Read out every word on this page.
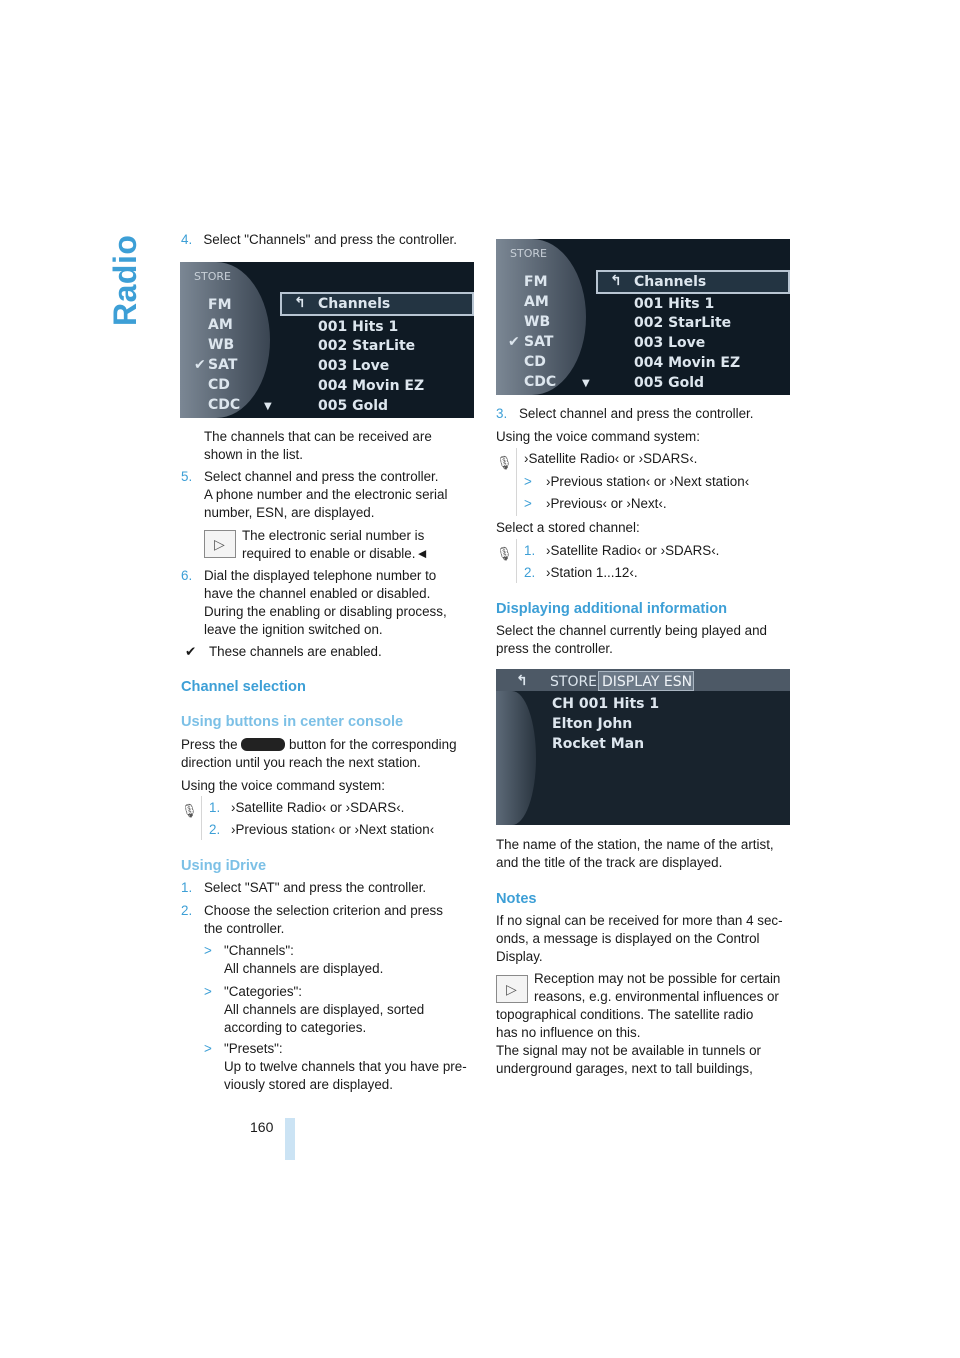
Radio	4. Select "Channels" and press the controller.

STORE
FM
AM
WB
✔ SAT
CD
CDC ▼
↰ Channels
001 Hits 1
002 StarLite
003 Love
004 Movin EZ
005 Gold

The channels that can be received are

shown in the list.

5. Select channel and press the controller.

A phone number and the electronic serial

number, ESN, are displayed.

▷

The electronic serial number is

required to enable or disable.◄

6. Dial the displayed telephone number to

have the channel enabled or disabled.

During the enabling or disabling process,

leave the ignition switched on.

✔ These channels are enabled.

Channel selection
Using buttons in center console

Press the	button for the corresponding

direction until you reach the next station.

Using the voice command system:

🎙 1. ›Satellite Radio‹ or ›SDARS‹.

2. ›Previous station‹ or ›Next station‹

Using iDrive

1. Select "SAT" and press the controller.

2. Choose the selection criterion and press

the controller.

> "Channels":

All channels are displayed.

> "Categories":

All channels are displayed, sorted

according to categories.

> "Presets":

Up to twelve channels that you have pre-

viously stored are displayed.

160
STORE
FM
AM
WB
✔ SAT
CD
CDC	▼
↰ Channels
001 Hits 1
002 StarLite
003 Love
004 Movin EZ
005 Gold

3. Select channel and press the controller.

Using the voice command system:

🎙 ›Satellite Radio‹ or ›SDARS‹.

> ›Previous station‹ or ›Next station‹

> ›Previous‹ or ›Next‹.

Select a stored channel:

🎙 1. ›Satellite Radio‹ or ›SDARS‹.

2. ›Station 1...12‹.

Displaying additional information

Select the channel currently being played and

press the controller.

↰ STORE DISPLAY ESN
CH 001 Hits 1
Elton John
Rocket Man

The name of the station, the name of the artist,

and the title of the track are displayed.

Notes

If no signal can be received for more than 4 sec-

onds, a message is displayed on the Control

Display.

▷

Reception may not be possible for certain

reasons, e.g. environmental influences or

topographical conditions. The satellite radio

has no influence on this.

The signal may not be available in tunnels or

underground garages, next to tall buildings,
